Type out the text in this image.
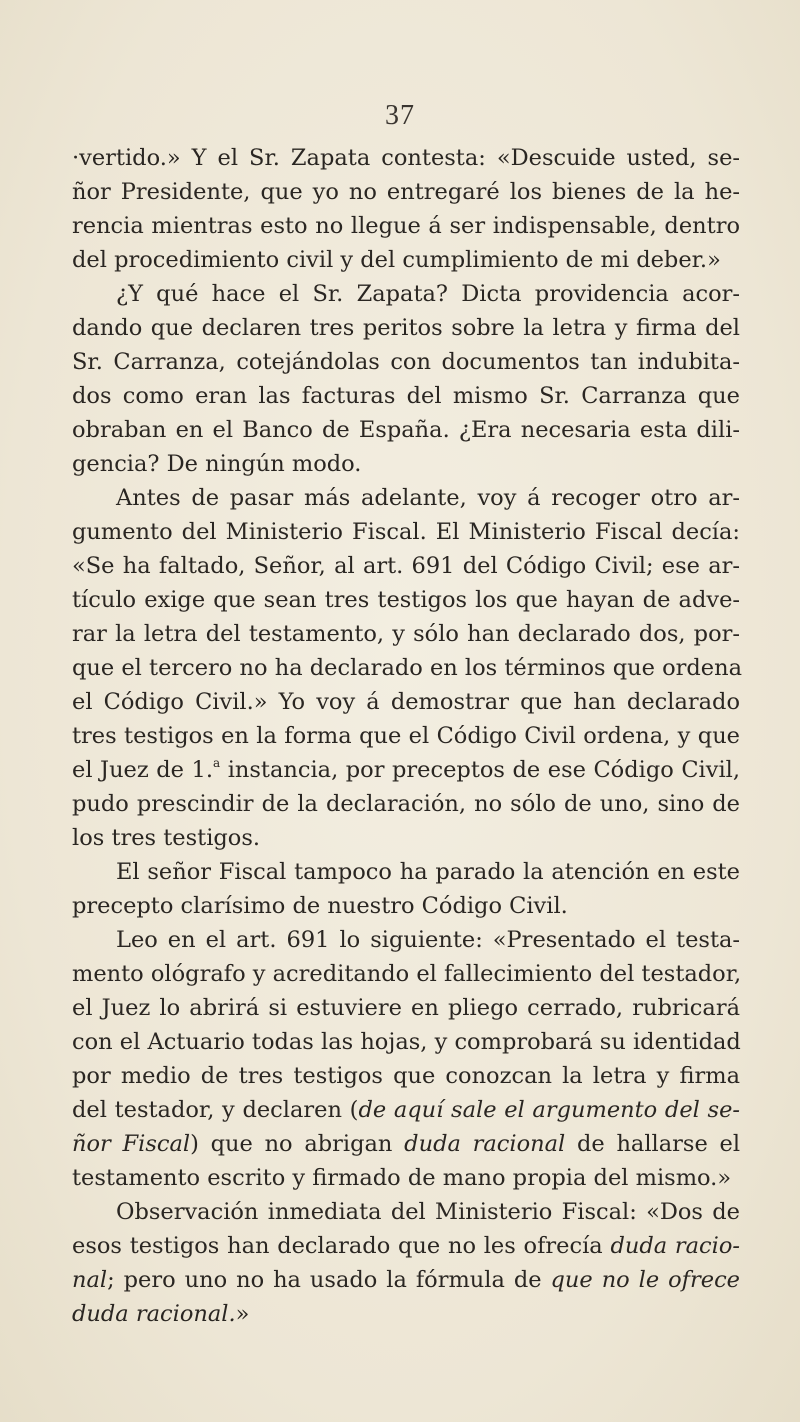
37
·vertido.» Y el Sr. Zapata contesta: «Descuide usted, se-
ñor Presidente, que yo no entregaré los bienes de la he-
rencia mientras esto no llegue á ser indispensable, dentro
del procedimiento civil y del cumplimiento de mi deber.»
¿Y qué hace el Sr. Zapata? Dicta providencia acor-
dando que declaren tres peritos sobre la letra y firma del
Sr. Carranza, cotejándolas con documentos tan indubita-
dos como eran las facturas del mismo Sr. Carranza que
obraban en el Banco de España. ¿Era necesaria esta dili-
gencia? De ningún modo.
Antes de pasar más adelante, voy á recoger otro ar-
gumento del Ministerio Fiscal. El Ministerio Fiscal decía:
«Se ha faltado, Señor, al art. 691 del Código Civil; ese ar-
tículo exige que sean tres testigos los que hayan de adve-
rar la letra del testamento, y sólo han declarado dos, por-
que el tercero no ha declarado en los términos que ordena
el Código Civil.» Yo voy á demostrar que han declarado
tres testigos en la forma que el Código Civil ordena, y que
el Juez de 1.$^a$ instancia, por preceptos de ese Código Civil,
pudo prescindir de la declaración, no sólo de uno, sino de
los tres testigos.
El señor Fiscal tampoco ha parado la atención en este
precepto clarísimo de nuestro Código Civil.
Leo en el art. 691 lo siguiente: «Presentado el testa-
mento ológrafo y acreditando el fallecimiento del testador,
el Juez lo abrirá si estuviere en pliego cerrado, rubricará
con el Actuario todas las hojas, y comprobará su identidad
por medio de tres testigos que conozcan la letra y firma
del testador, y declaren (de aquí sale el argumento del se-
ñor Fiscal) que no abrigan duda racional de hallarse el
testamento escrito y firmado de mano propia del mismo.»
Observación inmediata del Ministerio Fiscal: «Dos de
esos testigos han declarado que no les ofrecía duda racio-
nal; pero uno no ha usado la fórmula de que no le ofrece
duda racional.»
